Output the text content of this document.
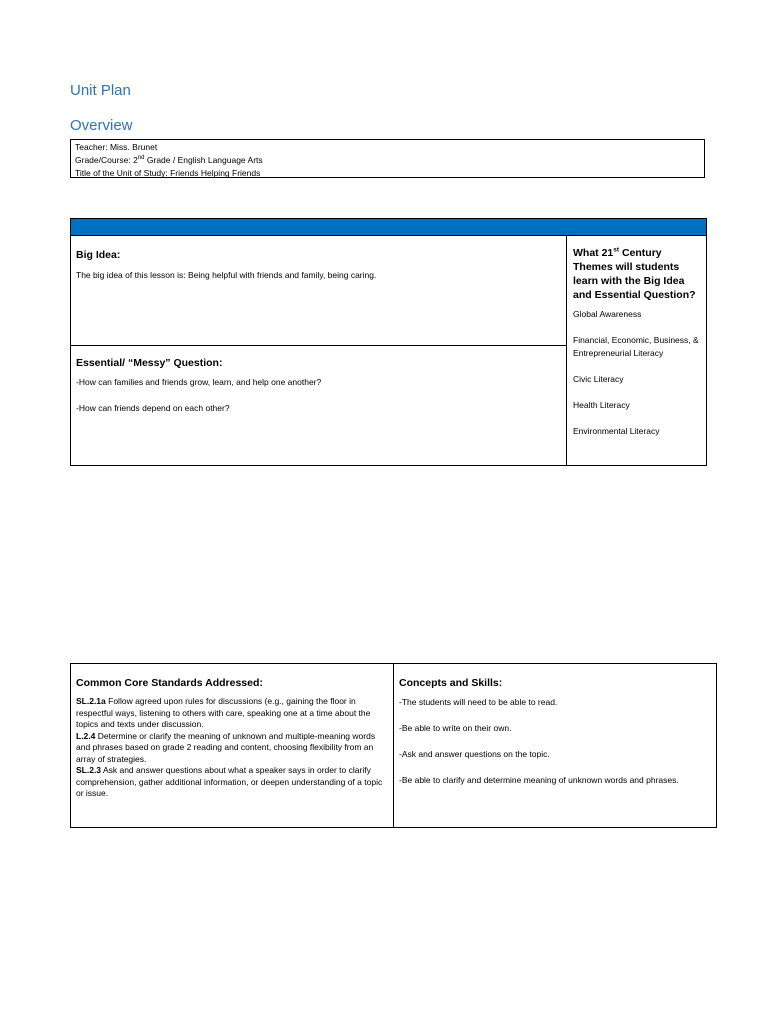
Unit Plan
Overview
Teacher: Miss. Brunet
Grade/Course: 2nd Grade / English Language Arts
Title of the Unit of Study: Friends Helping Friends
Big Idea:

The big idea of this lesson is: Being helpful with friends and family, being caring.

Essential/ “Messy” Question:

-How can families and friends grow, learn, and help one another?

-How can friends depend on each other?

What 21st Century Themes will students learn with the Big Idea and Essential Question?
Global Awareness
Financial, Economic, Business, & Entrepreneurial Literacy
Civic Literacy
Health Literacy
Environmental Literacy
Common Core Standards Addressed:
SL.2.1a Follow agreed upon rules for discussions (e.g., gaining the floor in respectful ways, listening to others with care, speaking one at a time about the topics and texts under discussion.
L.2.4 Determine or clarify the meaning of unknown and multiple-meaning words and phrases based on grade 2 reading and content, choosing flexibility from an array of strategies.
SL.2.3 Ask and answer questions about what a speaker says in order to clarify comprehension, gather additional information, or deepen understanding of a topic or issue.
Concepts and Skills:
-The students will need to be able to read.
-Be able to write on their own.
-Ask and answer questions on the topic.
-Be able to clarify and determine meaning of unknown words and phrases.
